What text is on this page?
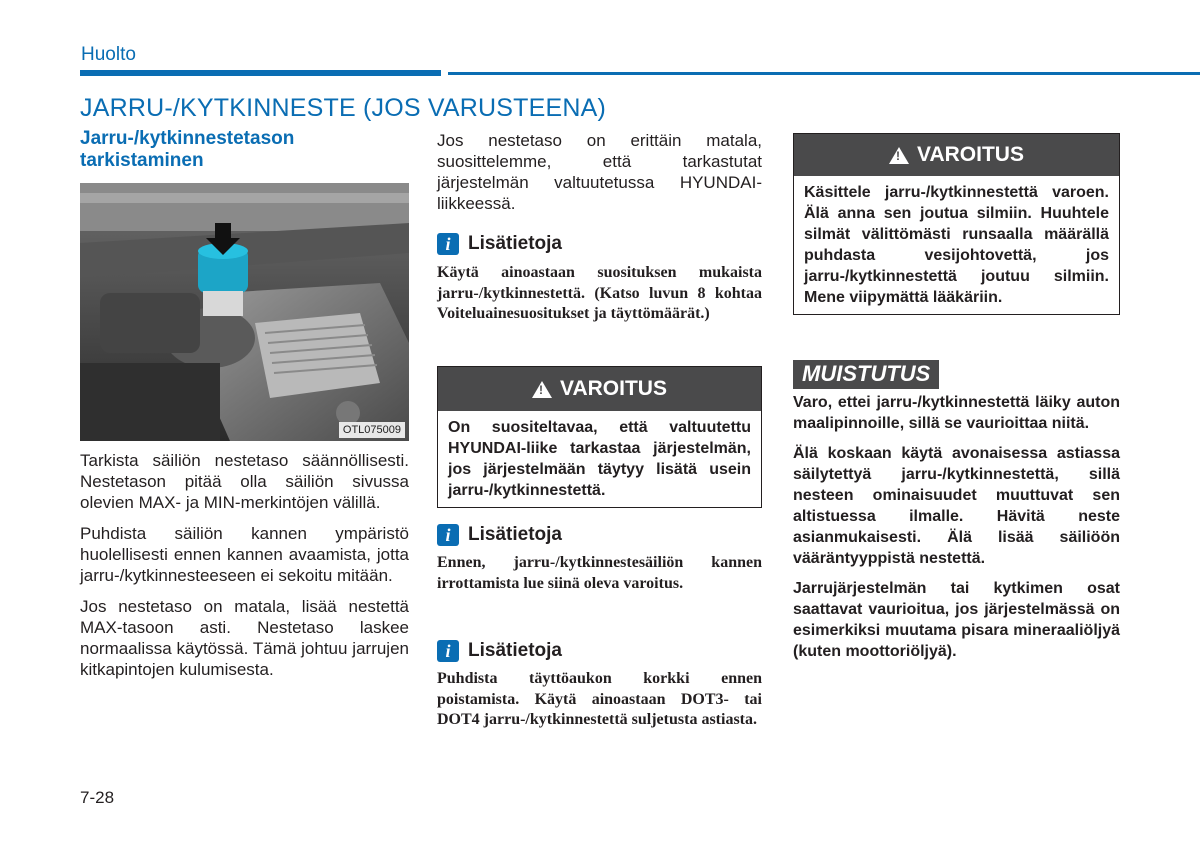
Huolto
JARRU-/KYTKINNESTE (JOS VARUSTEENA)
Jarru-/kytkinnestetason tarkistaminen
OTL075009

Tarkista säiliön nestetaso säännöllisesti. Nestetason pitää olla säiliön sivussa olevien MAX- ja MIN-merkintöjen välillä.

Puhdista säiliön kannen ympäristö huolellisesti ennen kannen avaamista, jotta jarru-/kytkinnesteeseen ei sekoitu mitään.

Jos nestetaso on matala, lisää nestettä MAX-tasoon asti. Nestetaso laskee normaalissa käytössä. Tämä johtuu jarrujen kitkapintojen kulumisesta.

Jos nestetaso on erittäin matala, suosittelemme, että tarkastutat järjestelmän valtuutetussa HYUNDAI-liikkeessä.
i Lisätietoja

Käytä ainoastaan suosituksen mukaista jarru-/kytkinnestettä. (Katso luvun 8 kohtaa Voiteluainesuositukset ja täyttömäärät.)

!
VAROITUS

On suositeltavaa, että valtuutettu HYUNDAI-liike tarkastaa järjestelmän, jos järjestelmään täytyy lisätä usein jarru-/kytkinnestettä.

i Lisätietoja

Ennen, jarru-/kytkinnestesäiliön kannen irrottamista lue siinä oleva varoitus.

i Lisätietoja

Puhdista täyttöaukon korkki ennen poistamista. Käytä ainoastaan DOT3- tai DOT4 jarru-/kytkinnestettä suljetusta astiasta.

!
VAROITUS

Käsittele jarru-/kytkinnestettä varoen. Älä anna sen joutua silmiin. Huuhtele silmät välittömästi runsaalla määrällä puhdasta vesijohtovettä, jos jarru-/kytkinnestettä joutuu silmiin. Mene viipymättä lääkäriin.

MUISTUTUS

Varo, ettei jarru-/kytkinnestettä läiky auton maalipinnoille, sillä se vaurioittaa niitä.

Älä koskaan käytä avonaisessa astiassa säilytettyä jarru-/kytkinnestettä, sillä nesteen ominaisuudet muuttuvat sen altistuessa ilmalle. Hävitä neste asianmukaisesti. Älä lisää säiliöön vääräntyyppistä nestettä.

Jarrujärjestelmän tai kytkimen osat saattavat vaurioitua, jos järjestelmässä on esimerkiksi muutama pisara mineraaliöljyä (kuten moottoriöljyä).

7-28
